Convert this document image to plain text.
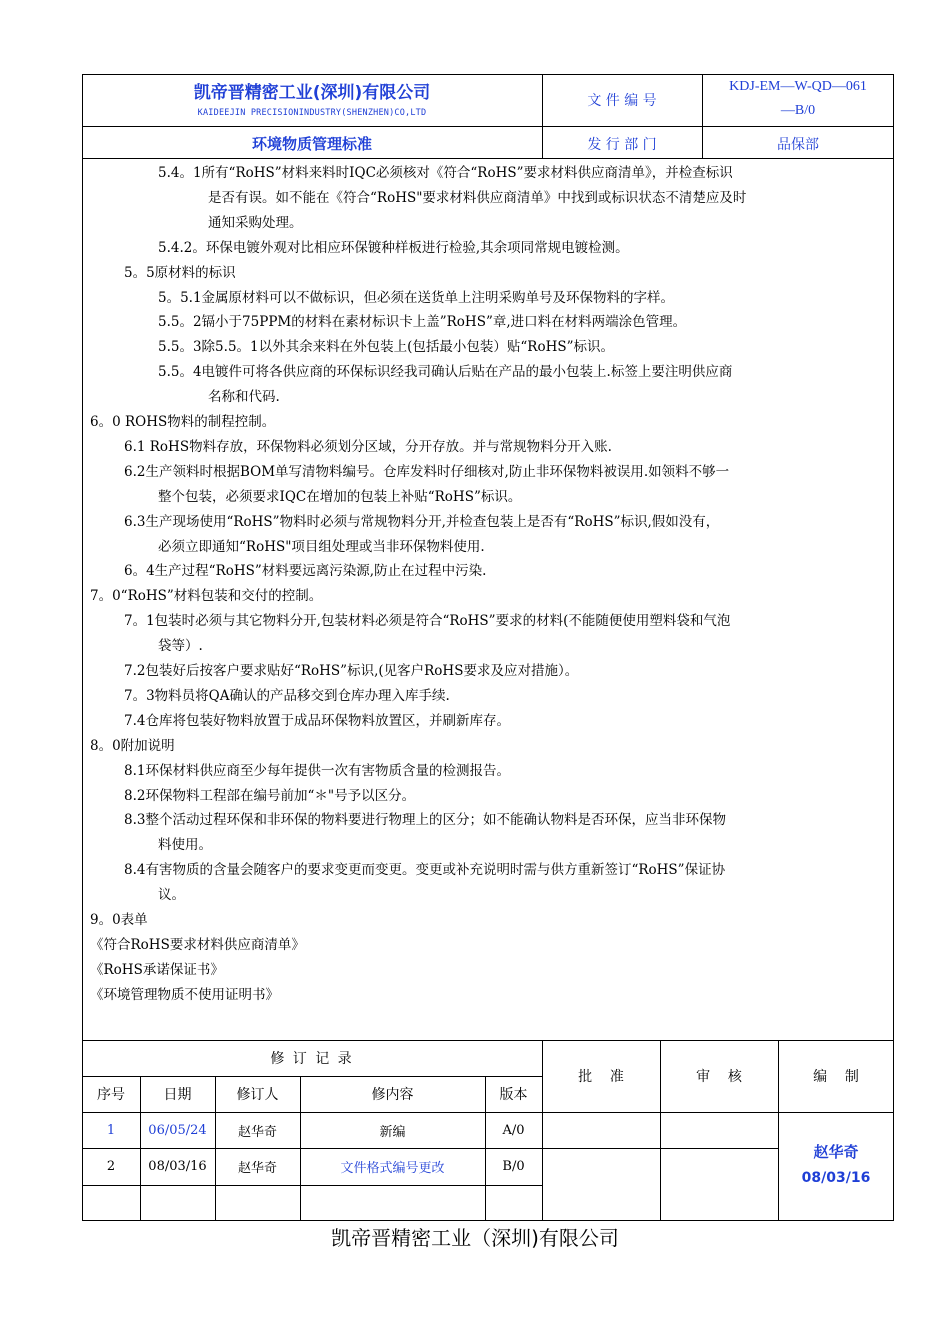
凯帝晋精密工业(深圳)有限公司
KAIDEEJIN PRECISIONINDUSTRY(SHENZHEN)CO,LTD
文 件 编 号
KDJ-EM—W-QD—061
—B/0
环境物质管理标准	发 行 部 门	品保部
5.4。1所有“RoHS”材料来料时IQC必须核对《符合“RoHS”要求材料供应商清单》，并检查标识
是否有误。如不能在《符合“RoHS"要求材料供应商清单》中找到或标识状态不清楚应及时
通知采购处理。
5.4.2。环保电镀外观对比相应环保镀种样板进行检验,其余项同常规电镀检测。
5。5原材料的标识
5。5.1金属原材料可以不做标识，但必须在送货单上注明采购单号及环保物料的字样。
5.5。2镉小于75PPM的材料在素材标识卡上盖”RoHS”章,进口料在材料两端涂色管理。
5.5。3除5.5。1以外其余来料在外包装上(包括最小包装）贴“RoHS”标识。
5.5。4电镀件可将各供应商的环保标识经我司确认后贴在产品的最小包装上.标签上要注明供应商
名称和代码.
6。0 ROHS物料的制程控制。
6.1 RoHS物料存放，环保物料必须划分区域，分开存放。并与常规物料分开入账.
6.2生产领料时根据BOM单写清物料编号。仓库发料时仔细核对,防止非环保物料被误用.如领料不够一
整个包装，必须要求IQC在增加的包装上补贴“RoHS”标识。
6.3生产现场使用“RoHS”物料时必须与常规物料分开,并检查包装上是否有“RoHS”标识,假如没有，
必须立即通知“RoHS"项目组处理或当非环保物料使用.
6。4生产过程“RoHS”材料要远离污染源,防止在过程中污染.
7。0“RoHS”材料包装和交付的控制。
7。1包装时必须与其它物料分开,包装材料必须是符合“RoHS”要求的材料(不能随便使用塑料袋和气泡
袋等）.
7.2包装好后按客户要求贴好“RoHS”标识,(见客户RoHS要求及应对措施）。
7。3物料员将QA确认的产品移交到仓库办理入库手续.
7.4仓库将包装好物料放置于成品环保物料放置区，并刷新库存。
8。0附加说明
8.1环保材料供应商至少每年提供一次有害物质含量的检测报告。
8.2环保物料工程部在编号前加“＊"号予以区分。
8.3整个活动过程环保和非环保的物料要进行物理上的区分；如不能确认物料是否环保，应当非环保物
料使用。
8.4有害物质的含量会随客户的要求变更而变更。变更或补充说明时需与供方重新签订“RoHS”保证协
议。
9。0表单
《符合RoHS要求材料供应商清单》
《RoHS承诺保证书》
《环境管理物质不使用证明书》
修 订 记 录
序号	日期	修订人	修内容	版本
批    准	审    核	编    制
1	06/05/24	赵华奇	新编	A/0
2	08/03/16	赵华奇	文件格式编号更改	B/0
赵华奇
08/03/16
凯帝晋精密工业（深圳)有限公司
